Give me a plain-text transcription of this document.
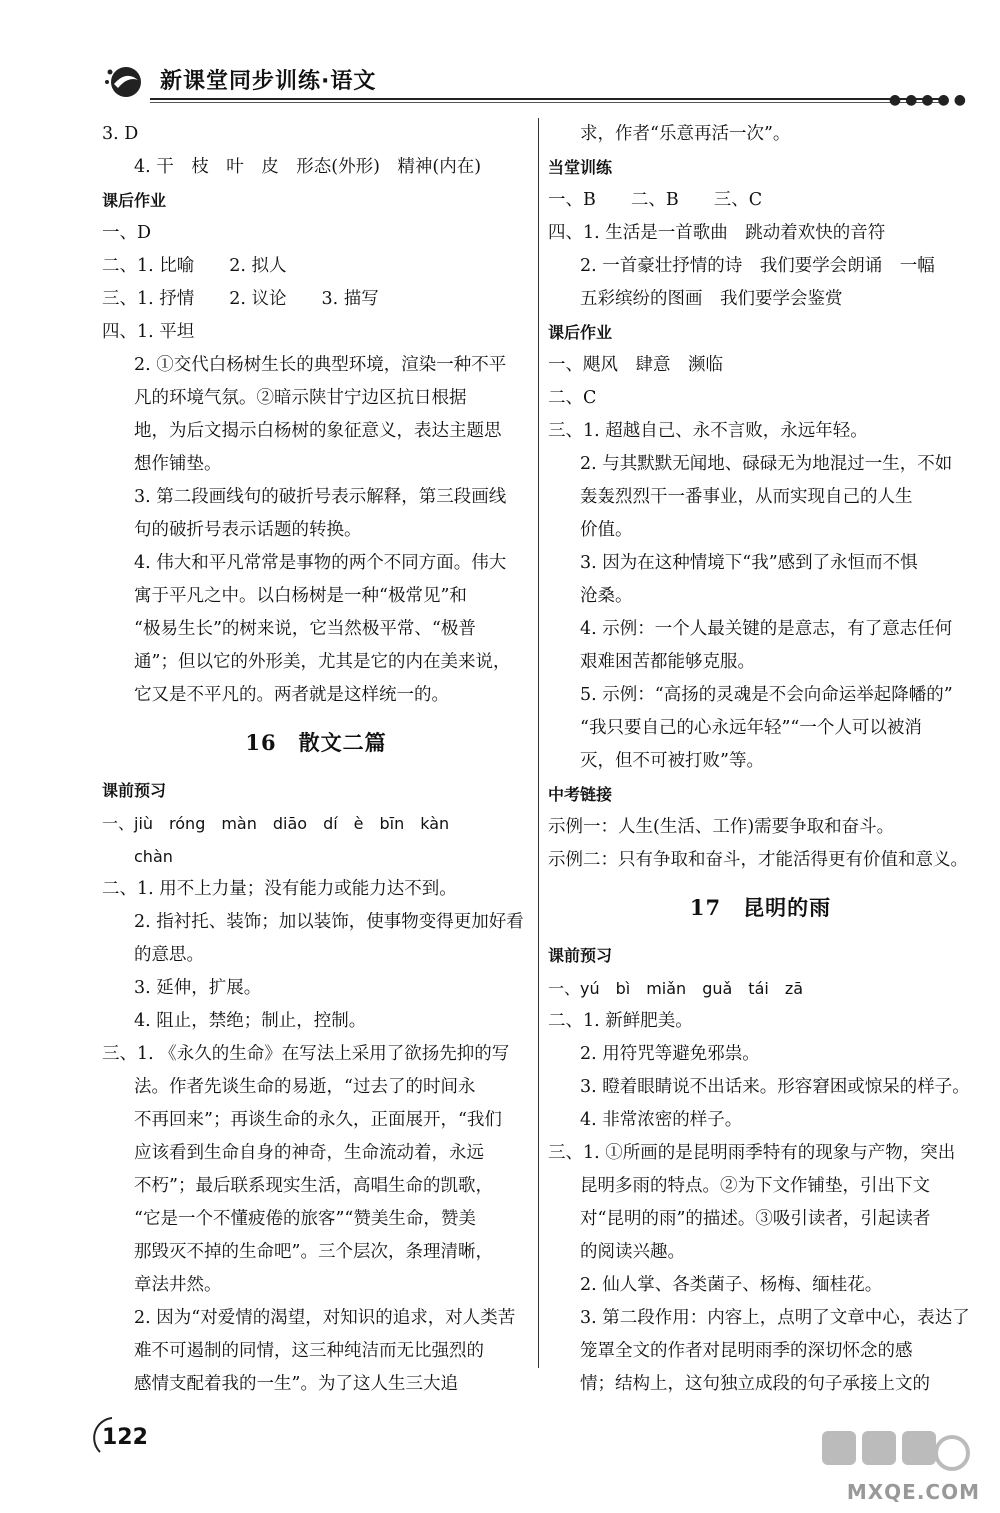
新课堂同步训练·语文
●●●●●
3. D
4. 干　枝　叶　皮　形态(外形)　精神(内在)
课后作业
一、D
二、1. 比喻　　2. 拟人
三、1. 抒情　　2. 议论　　3. 描写
四、1. 平坦
2. ①交代白杨树生长的典型环境，渲染一种不平
凡的环境气氛。②暗示陕甘宁边区抗日根据
地，为后文揭示白杨树的象征意义，表达主题思
想作铺垫。
3. 第二段画线句的破折号表示解释，第三段画线
句的破折号表示话题的转换。
4. 伟大和平凡常常是事物的两个不同方面。伟大
寓于平凡之中。以白杨树是一种“极常见”和
“极易生长”的树来说，它当然极平常、“极普
通”；但以它的外形美，尤其是它的内在美来说，
它又是不平凡的。两者就是这样统一的。
16　散文二篇
课前预习
一、jiù　róng　màn　diāo　dí　è　bīn　kàn
chàn
二、1. 用不上力量；没有能力或能力达不到。
2. 指衬托、装饰；加以装饰，使事物变得更加好看
的意思。
3. 延伸，扩展。
4. 阻止，禁绝；制止，控制。
三、1. 《永久的生命》在写法上采用了欲扬先抑的写
法。作者先谈生命的易逝，“过去了的时间永
不再回来”；再谈生命的永久，正面展开，“我们
应该看到生命自身的神奇，生命流动着，永远
不朽”；最后联系现实生活，高唱生命的凯歌，
“它是一个不懂疲倦的旅客”“赞美生命，赞美
那毁灭不掉的生命吧”。三个层次，条理清晰，
章法井然。
2. 因为“对爱情的渴望，对知识的追求，对人类苦
难不可遏制的同情，这三种纯洁而无比强烈的
感情支配着我的一生”。为了这人生三大追
求，作者“乐意再活一次”。
当堂训练
一、B　　二、B　　三、C
四、1. 生活是一首歌曲　跳动着欢快的音符
2. 一首豪壮抒情的诗　我们要学会朗诵　一幅
五彩缤纷的图画　我们要学会鉴赏
课后作业
一、飓风　肆意　濒临
二、C
三、1. 超越自己、永不言败，永远年轻。
2. 与其默默无闻地、碌碌无为地混过一生，不如
轰轰烈烈干一番事业，从而实现自己的人生
价值。
3. 因为在这种情境下“我”感到了永恒而不惧
沧桑。
4. 示例：一个人最关键的是意志，有了意志任何
艰难困苦都能够克服。
5. 示例：“高扬的灵魂是不会向命运举起降幡的”
“我只要自己的心永远年轻”“一个人可以被消
灭，但不可被打败”等。
中考链接
示例一：人生(生活、工作)需要争取和奋斗。
示例二：只有争取和奋斗，才能活得更有价值和意义。
17　昆明的雨
课前预习
一、yú　bì　miǎn　guǎ　tái　zā
二、1. 新鲜肥美。
2. 用符咒等避免邪祟。
3. 瞪着眼睛说不出话来。形容窘困或惊呆的样子。
4. 非常浓密的样子。
三、1. ①所画的是昆明雨季特有的现象与产物，突出
昆明多雨的特点。②为下文作铺垫，引出下文
对“昆明的雨”的描述。③吸引读者，引起读者
的阅读兴趣。
2. 仙人掌、各类菌子、杨梅、缅桂花。
3. 第二段作用：内容上，点明了文章中心，表达了
笼罩全文的作者对昆明雨季的深切怀念的感
情；结构上，这句独立成段的句子承接上文的
122
MXQE.COM
